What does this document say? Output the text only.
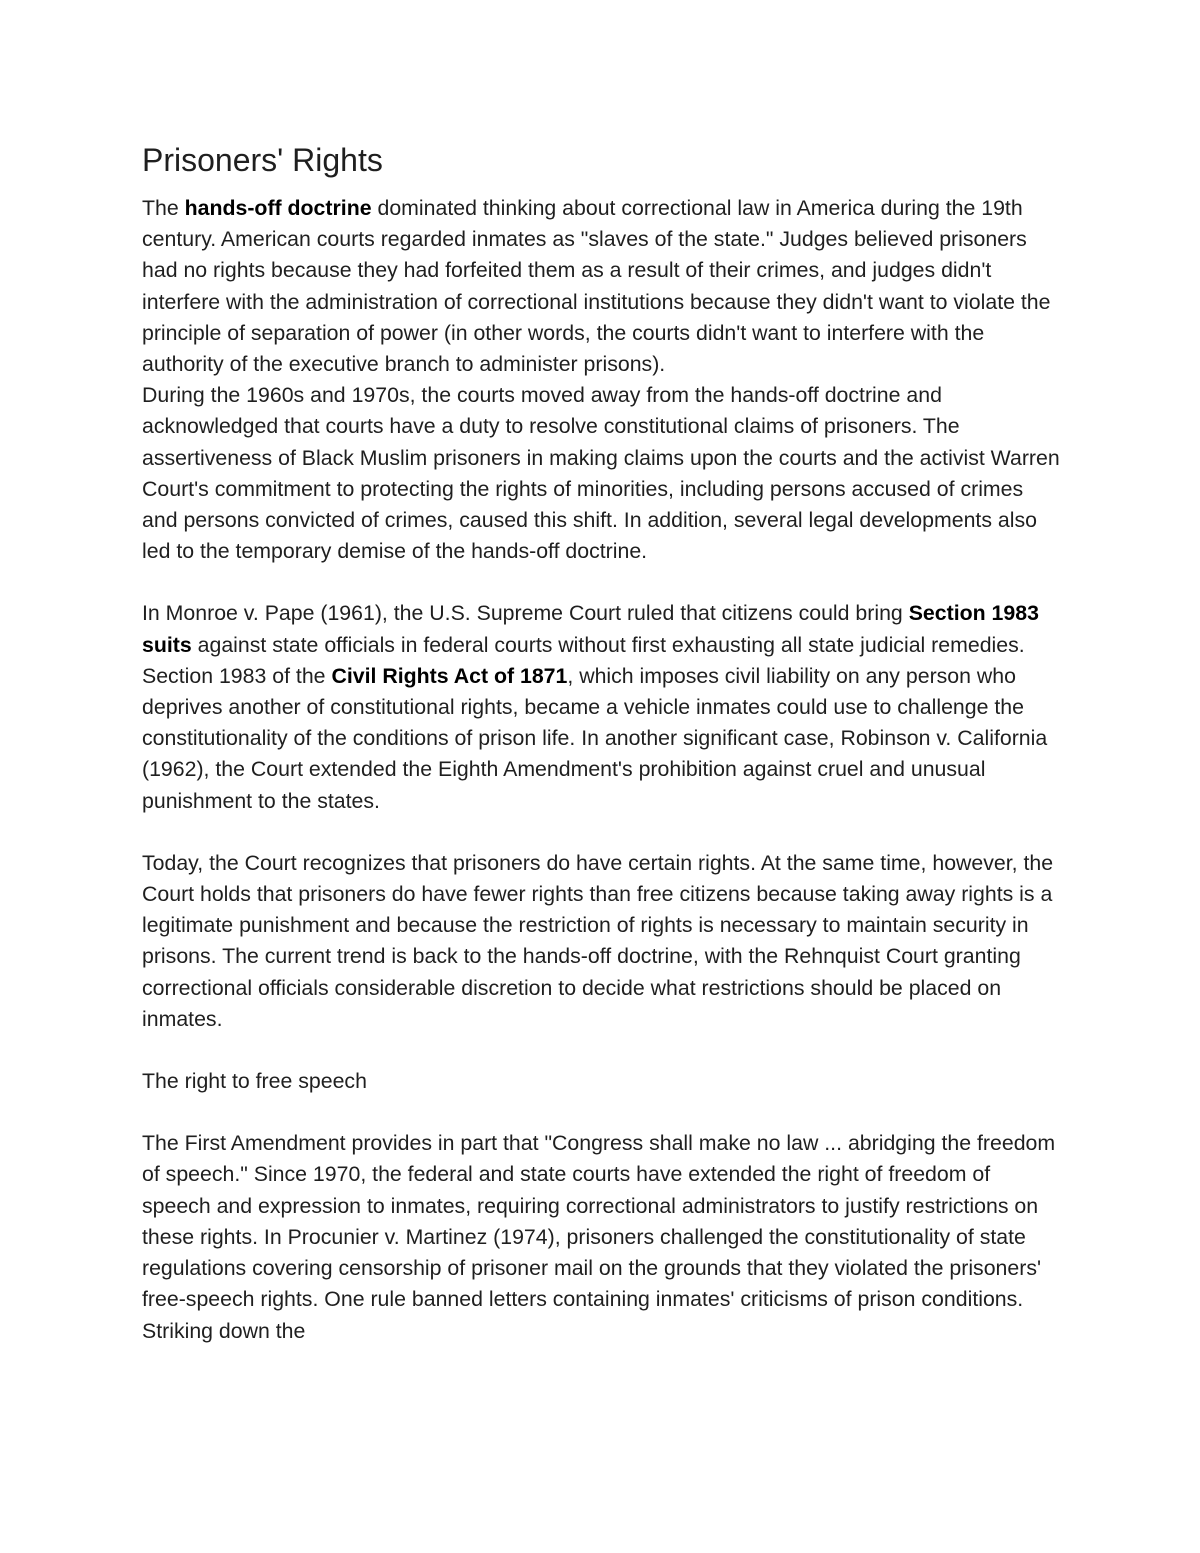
Prisoners' Rights

The hands-off doctrine dominated thinking about correctional law in America during the 19th century. American courts regarded inmates as "slaves of the state." Judges believed prisoners had no rights because they had forfeited them as a result of their crimes, and judges didn't interfere with the administration of correctional institutions because they didn't want to violate the principle of separation of power (in other words, the courts didn't want to interfere with the authority of the executive branch to administer prisons).

During the 1960s and 1970s, the courts moved away from the hands-off doctrine and acknowledged that courts have a duty to resolve constitutional claims of prisoners. The assertiveness of Black Muslim prisoners in making claims upon the courts and the activist Warren Court's commitment to protecting the rights of minorities, including persons accused of crimes and persons convicted of crimes, caused this shift. In addition, several legal developments also led to the temporary demise of the hands-off doctrine.

In Monroe v. Pape (1961), the U.S. Supreme Court ruled that citizens could bring Section 1983 suits against state officials in federal courts without first exhausting all state judicial remedies. Section 1983 of the Civil Rights Act of 1871, which imposes civil liability on any person who deprives another of constitutional rights, became a vehicle inmates could use to challenge the constitutionality of the conditions of prison life. In another significant case, Robinson v. California (1962), the Court extended the Eighth Amendment's prohibition against cruel and unusual punishment to the states.

Today, the Court recognizes that prisoners do have certain rights. At the same time, however, the Court holds that prisoners do have fewer rights than free citizens because taking away rights is a legitimate punishment and because the restriction of rights is necessary to maintain security in prisons. The current trend is back to the hands-off doctrine, with the Rehnquist Court granting correctional officials considerable discretion to decide what restrictions should be placed on inmates.

The right to free speech

The First Amendment provides in part that "Congress shall make no law ... abridging the freedom of speech." Since 1970, the federal and state courts have extended the right of freedom of speech and expression to inmates, requiring correctional administrators to justify restrictions on these rights. In Procunier v. Martinez (1974), prisoners challenged the constitutionality of state regulations covering censorship of prisoner mail on the grounds that they violated the prisoners' free-speech rights. One rule banned letters containing inmates' criticisms of prison conditions. Striking down the
